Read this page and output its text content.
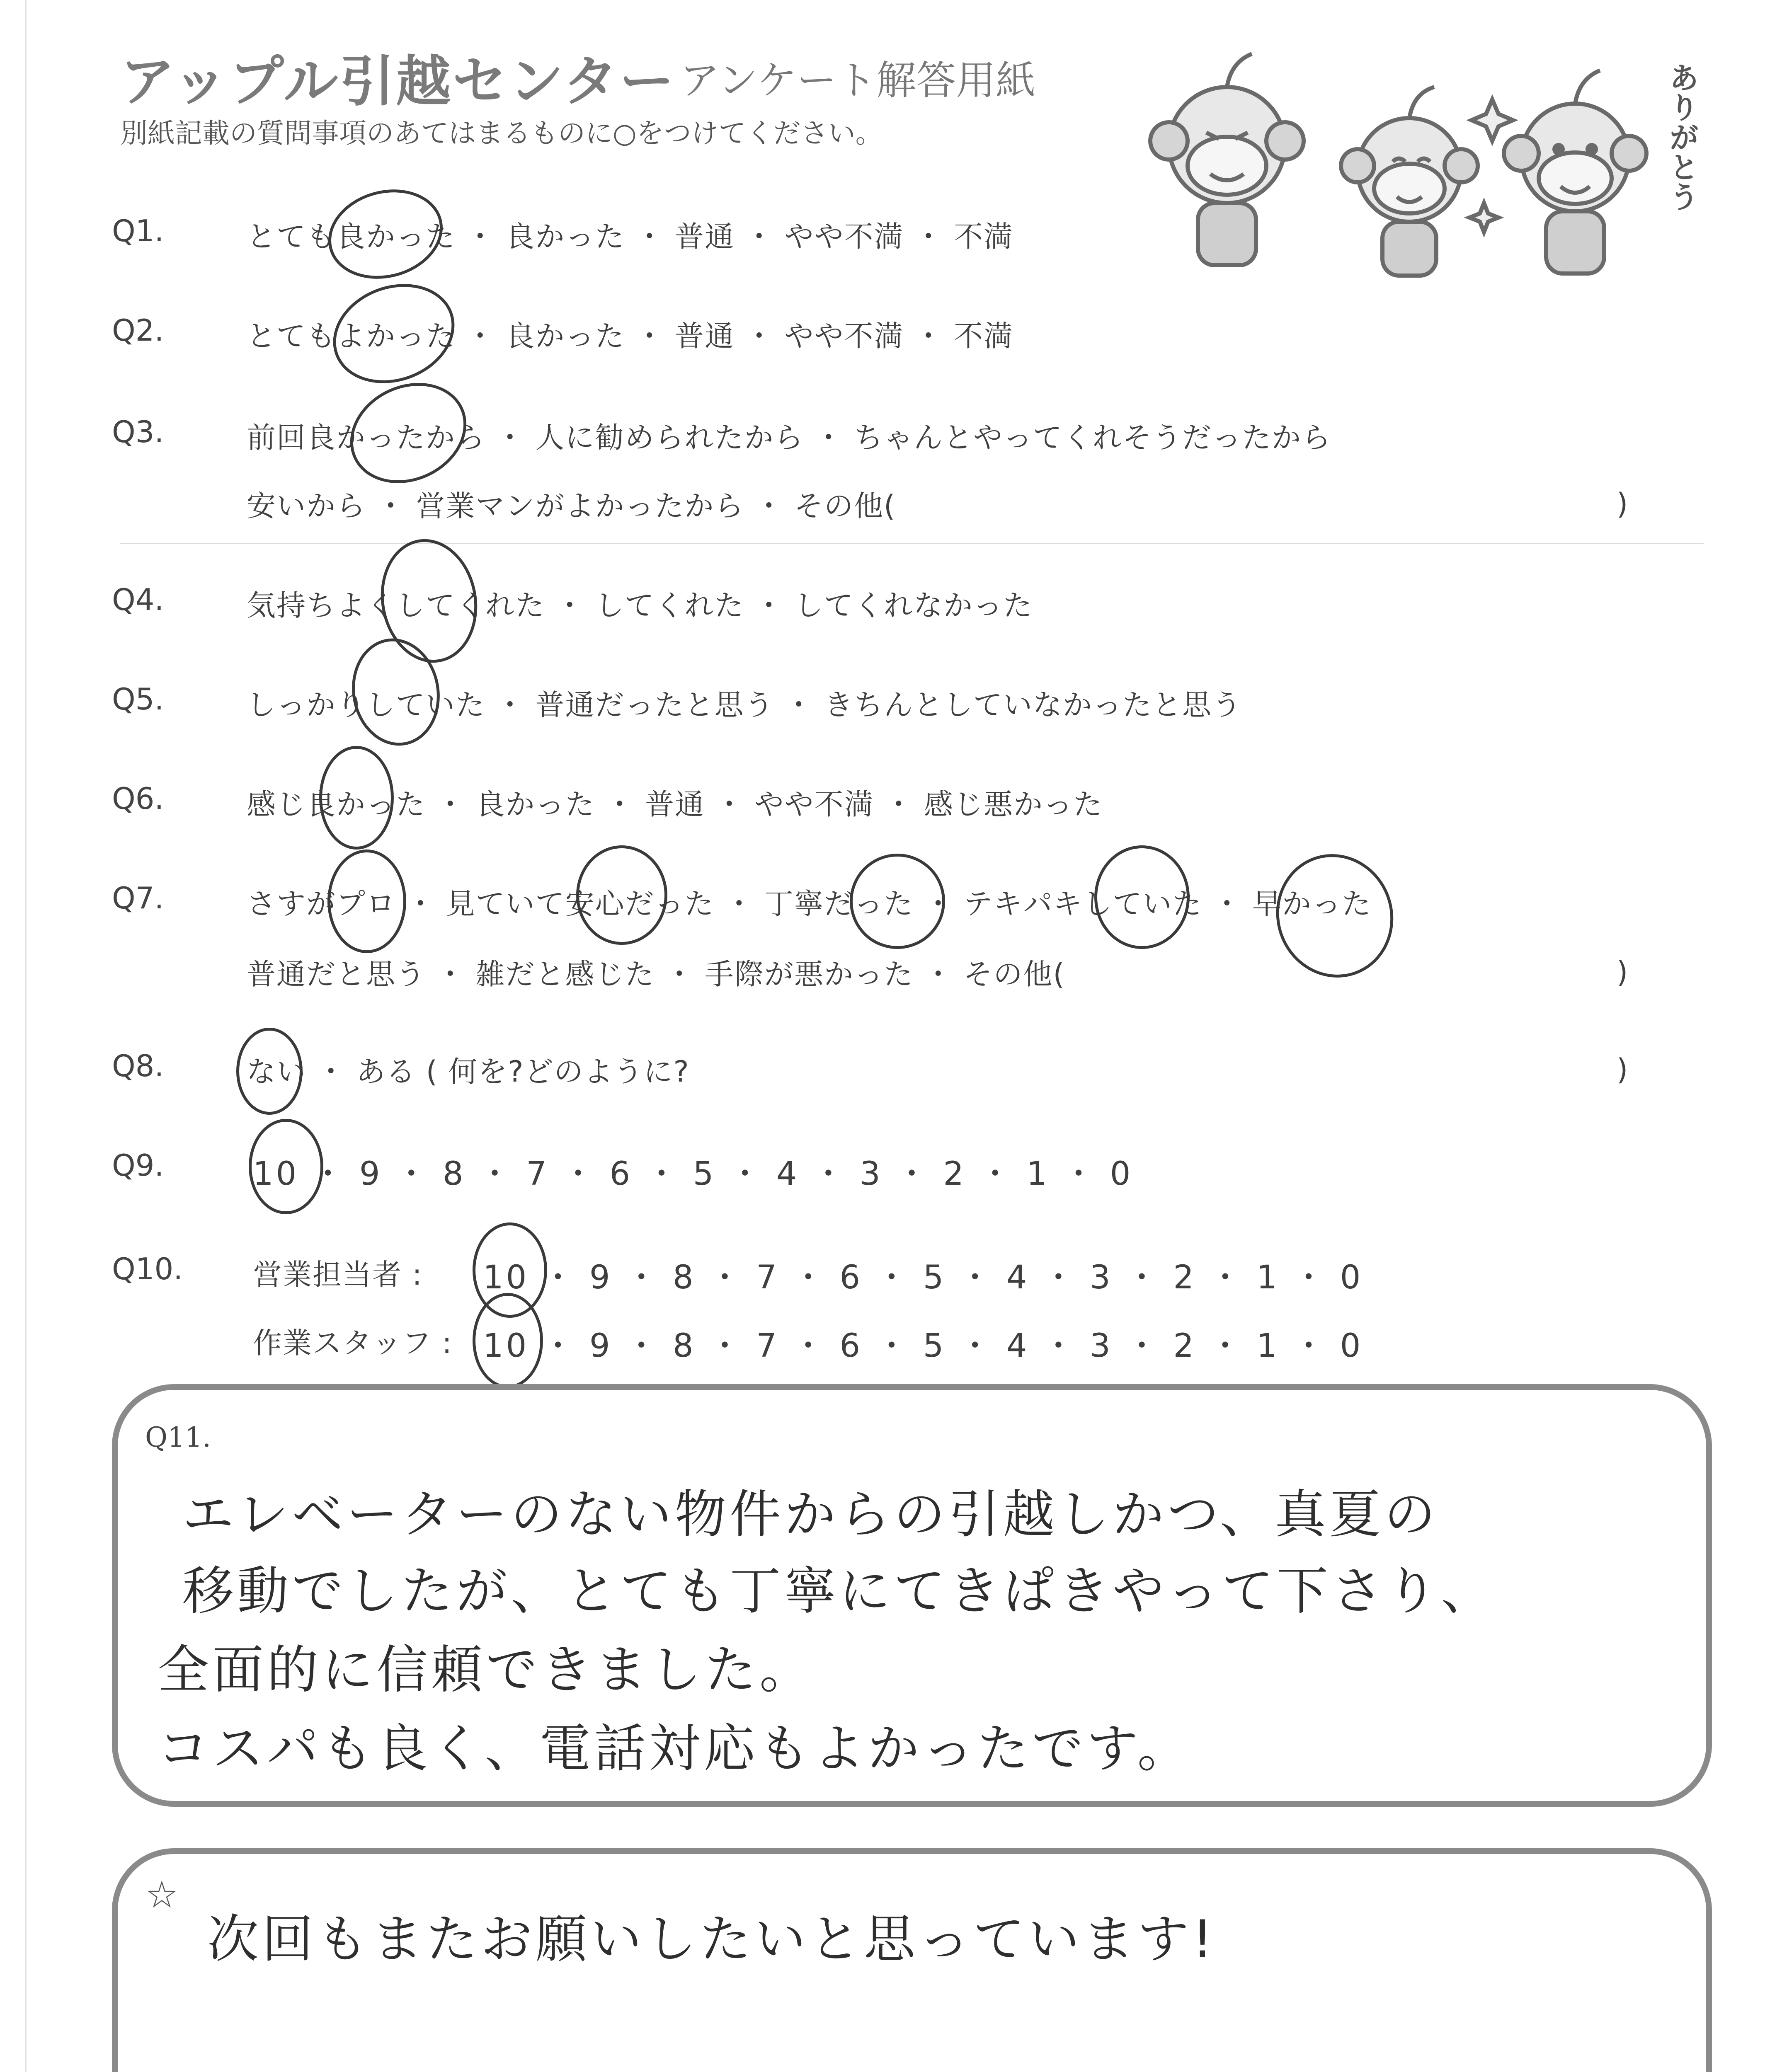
アップル引越センター アンケート解答用紙
別紙記載の質問事項のあてはまるものに○をつけてください。	ありがとう
Q1.	とても良かった ・ 良かった ・ 普通 ・ やや不満 ・ 不満
Q2.	とてもよかった ・ 良かった ・ 普通 ・ やや不満 ・ 不満
Q3.	前回良かったから ・ 人に勧められたから ・ ちゃんとやってくれそうだったから
安いから ・ 営業マンがよかったから ・ その他(	)
Q4.	気持ちよくしてくれた ・ してくれた ・ してくれなかった
Q5.	しっかりしていた ・ 普通だったと思う ・ きちんとしていなかったと思う
Q6.	感じ良かった ・ 良かった ・ 普通 ・ やや不満 ・ 感じ悪かった
Q7.	さすがプロ ・ 見ていて安心だった ・ 丁寧だった ・ テキパキしていた ・ 早かった
普通だと思う ・ 雑だと感じた ・ 手際が悪かった ・ その他(	)
Q8.	ない ・ ある ( 何を?どのように?	)
Q9.	10 ・ 9 ・ 8 ・ 7 ・ 6 ・ 5 ・ 4 ・ 3 ・ 2 ・ 1 ・ 0
Q10. 営業担当者 : 10 ・ 9 ・ 8 ・ 7 ・ 6 ・ 5 ・ 4 ・ 3 ・ 2 ・ 1 ・ 0
作業スタッフ : 10 ・ 9 ・ 8 ・ 7 ・ 6 ・ 5 ・ 4 ・ 3 ・ 2 ・ 1 ・ 0
Q11.
エレベーターのない物件からの引越しかつ、真夏の
移動でしたが、とても丁寧にてきぱきやって下さり、
全面的に信頼できました。
コスパも良く、電話対応もよかったです。
☆
次回もまたお願いしたいと思っています!
